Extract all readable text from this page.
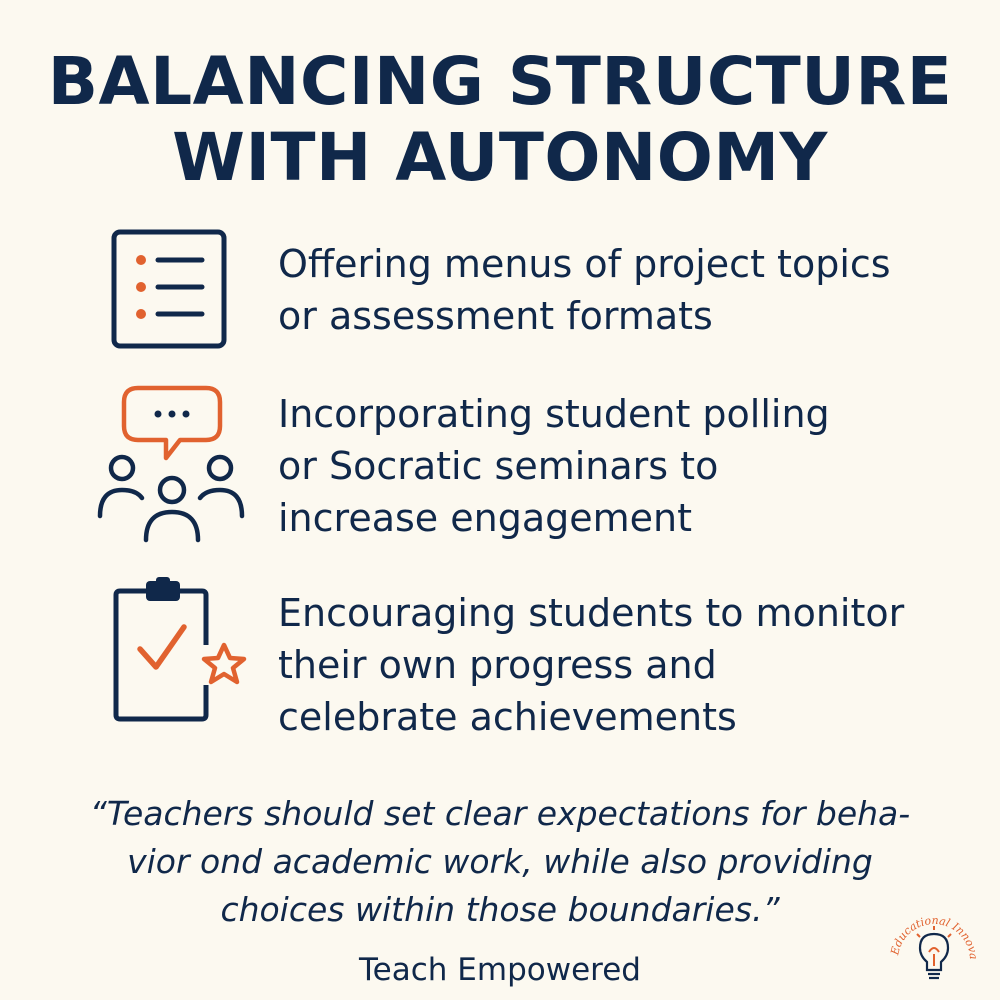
BALANCING STRUCTURE
WITH AUTONOMY
Offering menus of project topics
or assessment formats
Incorporating student polling
or Socratic seminars to
increase engagement
Encouraging students to monitor
their own progress and
celebrate achievements
“Teachers should set clear expectations for beha-
vior ond academic work, while also providing
choices within those boundaries.”
Teach Empowered
Educational Innova
